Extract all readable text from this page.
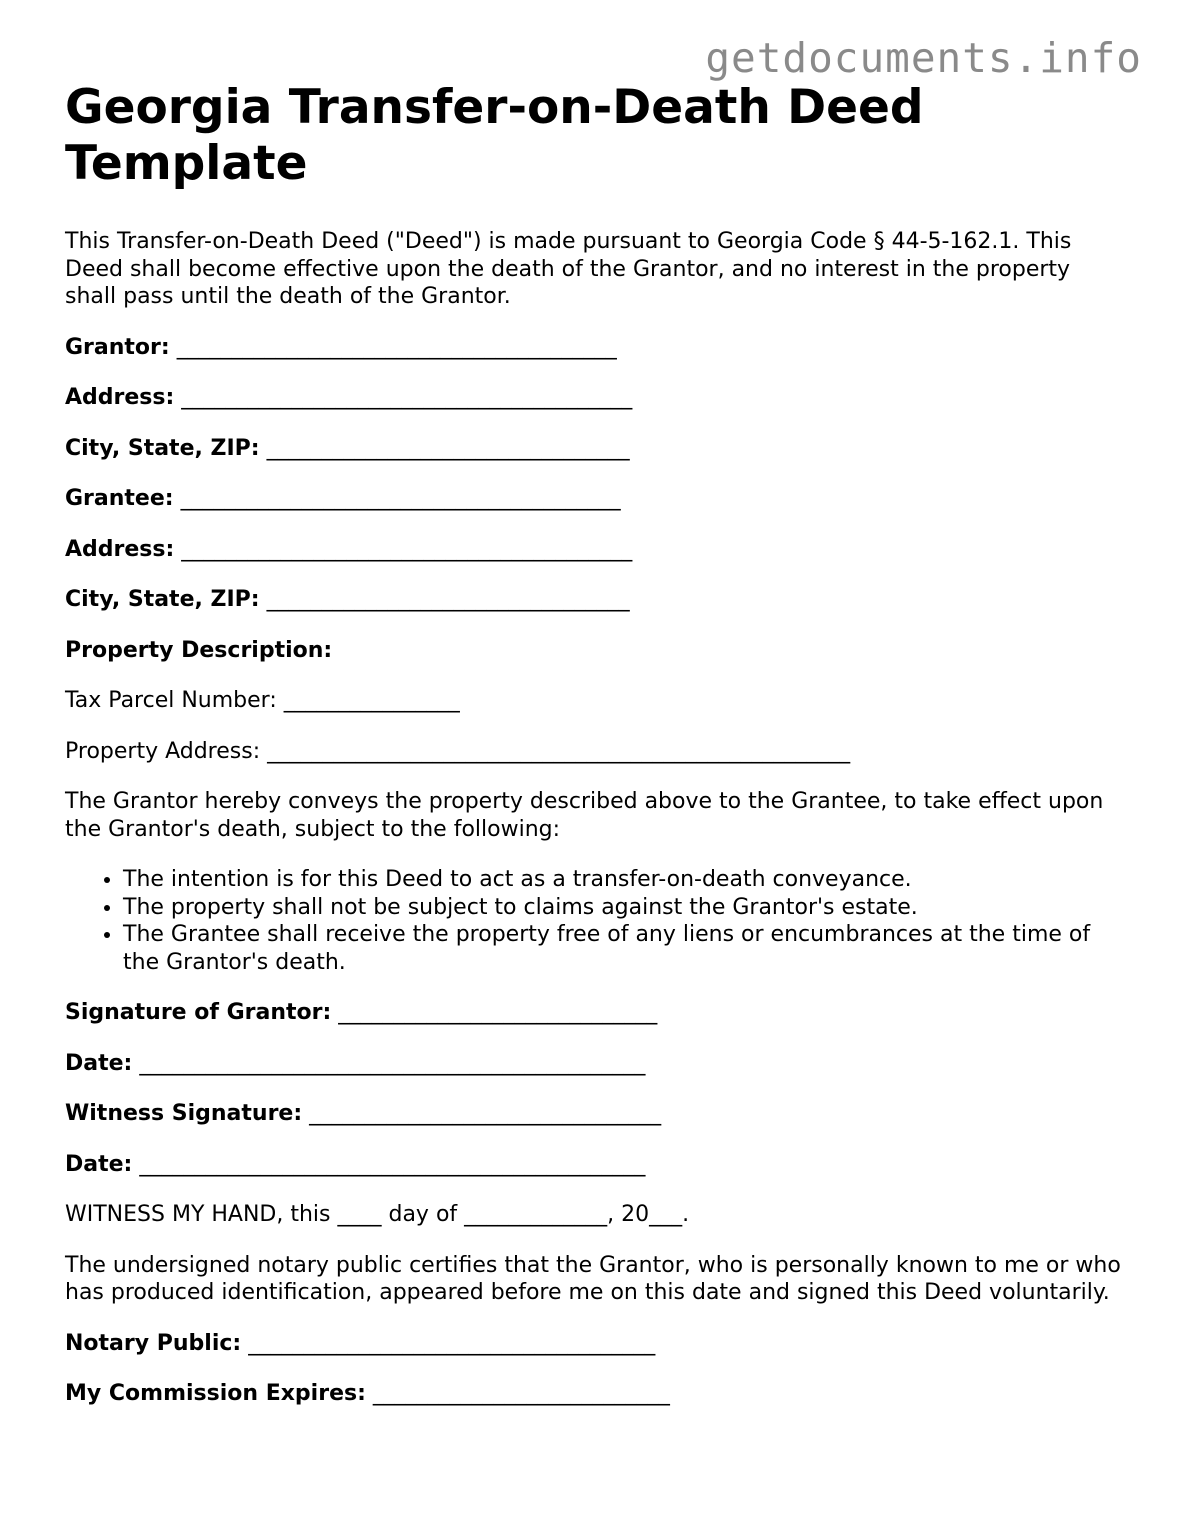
getdocuments.info
Georgia Transfer-on-Death Deed Template

This Transfer-on-Death Deed ("Deed") is made pursuant to Georgia Code § 44-5-162.1. This Deed shall become effective upon the death of the Grantor, and no interest in the property shall pass until the death of the Grantor.

Grantor: ________________________________________
Address: _________________________________________
City, State, ZIP: _________________________________
Grantee: ________________________________________
Address: _________________________________________
City, State, ZIP: _________________________________
Property Description:
Tax Parcel Number: ________________
Property Address: _____________________________________________________

The Grantor hereby conveys the property described above to the Grantee, to take effect upon the Grantor's death, subject to the following:

• The intention is for this Deed to act as a transfer-on-death conveyance.
• The property shall not be subject to claims against the Grantor's estate.
• The Grantee shall receive the property free of any liens or encumbrances at the time of the Grantor's death.
Signature of Grantor: _____________________________
Date: ______________________________________________
Witness Signature: ________________________________
Date: ______________________________________________

WITNESS MY HAND, this ____ day of _____________, 20___.

The undersigned notary public certifies that the Grantor, who is personally known to me or who has produced identification, appeared before me on this date and signed this Deed voluntarily.

Notary Public: _____________________________________
My Commission Expires: ___________________________
